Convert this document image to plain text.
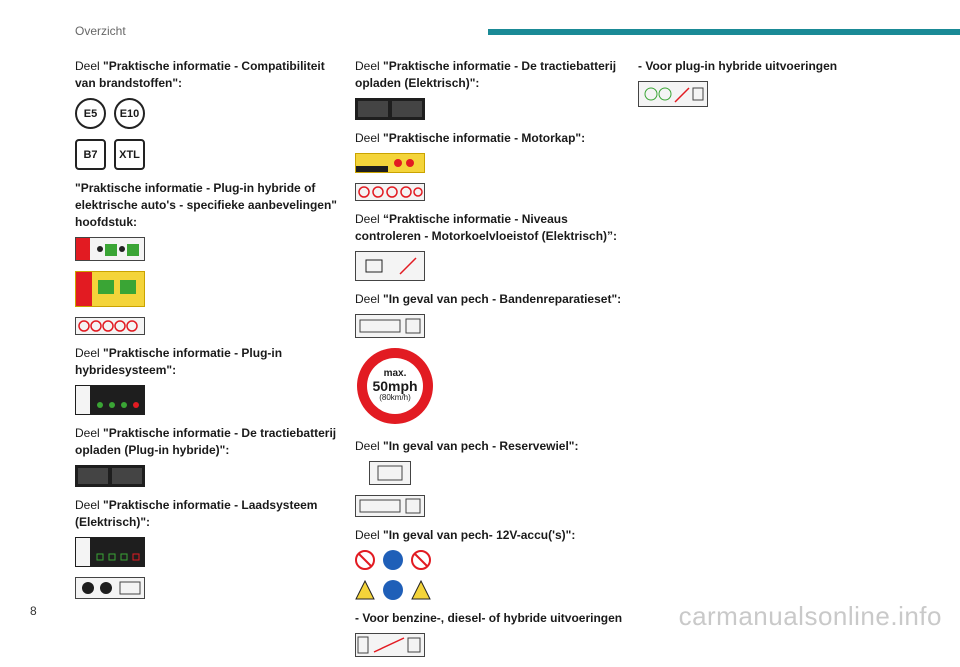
Overzicht

Deel "Praktische informatie - Compatibiliteit van brandstoffen":

E5	E10
B7	XTL

"Praktische informatie - Plug-in hybride of elektrische auto's - specifieke aanbevelingen" hoofdstuk:

Deel "Praktische informatie - Plug-in hybridesysteem":

Deel "Praktische informatie - De tractiebatterij opladen (Plug-in hybride)":

Deel "Praktische informatie - Laadsysteem (Elektrisch)":

Deel "Praktische informatie - De tractiebatterij opladen (Elektrisch)":

Deel "Praktische informatie - Motorkap":

Deel “Praktische informatie - Niveaus controleren - Motorkoelvloeistof (Elektrisch)”:

Deel "In geval van pech - Bandenreparatieset":

max.
50mph
(80km/h)

Deel "In geval van pech - Reservewiel":

Deel "In geval van pech- 12V-accu('s)":

- Voor benzine-, diesel- of hybride uitvoeringen

- Voor plug-in hybride uitvoeringen

8	carmanualsonline.info
